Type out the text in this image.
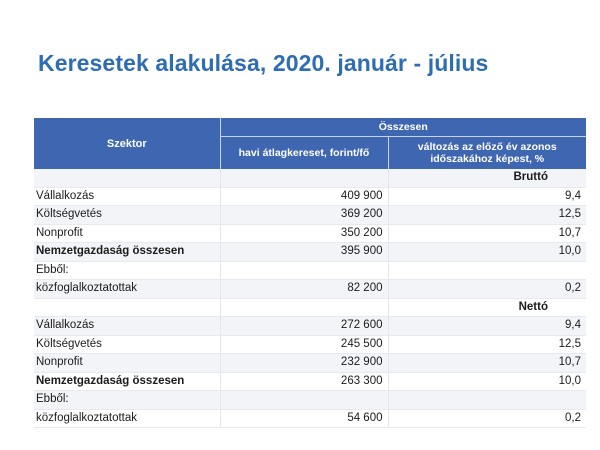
Keresetek alakulása, 2020. január - július
Szektor	Összesen	
	havi átlagkereset, forint/fő	változás az előző év azonos időszakához képest, %
		Bruttó
Vállalkozás	409 900	9,4
Költségvetés	369 200	12,5
Nonprofit	350 200	10,7
Nemzetgazdaság összesen	395 900	10,0
Ebből:		
közfoglalkoztatottak	82 200	0,2
		Nettó
Vállalkozás	272 600	9,4
Költségvetés	245 500	12,5
Nonprofit	232 900	10,7
Nemzetgazdaság összesen	263 300	10,0
Ebből:		
közfoglalkoztatottak	54 600	0,2
